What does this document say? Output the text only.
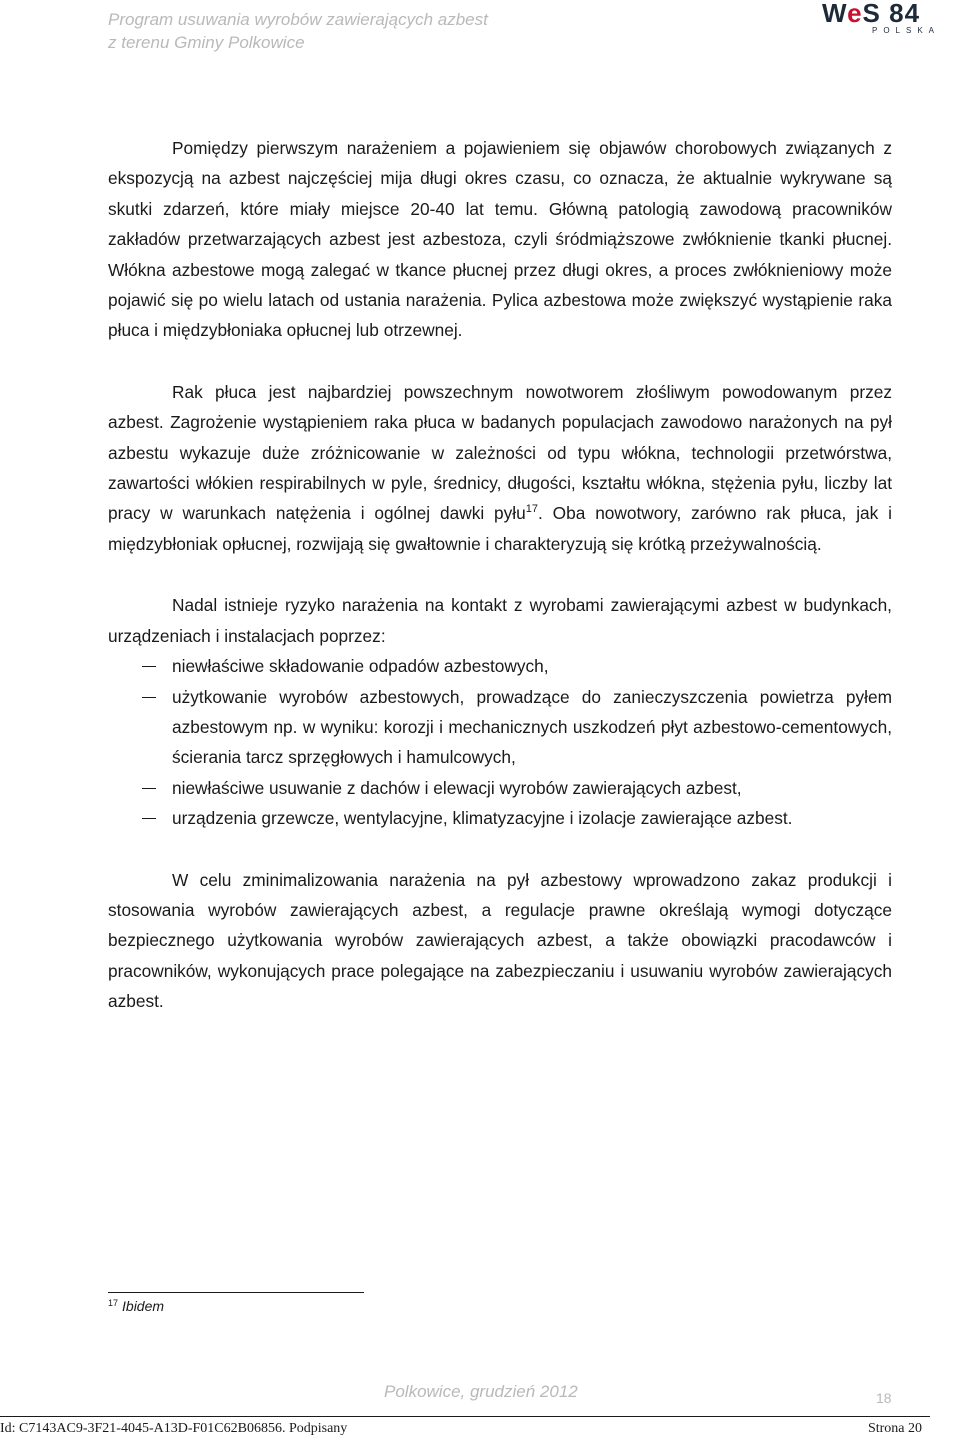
Program usuwania wyrobów zawierających azbest
z terenu Gminy Polkowice
WeS 84
POLSKA

Pomiędzy pierwszym narażeniem a pojawieniem się objawów chorobowych związanych z ekspozycją na azbest najczęściej mija długi okres czasu, co oznacza, że aktualnie wykrywane są skutki zdarzeń, które miały miejsce 20-40 lat temu. Główną patologią zawodową pracowników zakładów przetwarzających azbest jest azbestoza, czyli śródmiąższowe zwłóknienie tkanki płucnej. Włókna azbestowe mogą zalegać w tkance płucnej przez długi okres, a proces zwłóknieniowy może pojawić się po wielu latach od ustania narażenia. Pylica azbestowa może zwiększyć wystąpienie raka płuca i międzybłoniaka opłucnej lub otrzewnej.

Rak płuca jest najbardziej powszechnym nowotworem złośliwym powodowanym przez azbest. Zagrożenie wystąpieniem raka płuca w badanych populacjach zawodowo narażonych na pył azbestu wykazuje duże zróżnicowanie w zależności od typu włókna, technologii przetwórstwa, zawartości włókien respirabilnych w pyle, średnicy, długości, kształtu włókna, stężenia pyłu, liczby lat pracy w warunkach natężenia i ogólnej dawki pyłu$^{17}$. Oba nowotwory, zarówno rak płuca, jak i międzybłoniak opłucnej, rozwijają się gwałtownie i charakteryzują się krótką przeżywalnością.

Nadal istnieje ryzyko narażenia na kontakt z wyrobami zawierającymi azbest w budynkach, urządzeniach i instalacjach poprzez:

niewłaściwe składowanie odpadów azbestowych,
użytkowanie wyrobów azbestowych, prowadzące do zanieczyszczenia powietrza pyłem azbestowym np. w wyniku: korozji i mechanicznych uszkodzeń płyt azbestowo-cementowych, ścierania tarcz sprzęgłowych i hamulcowych,
niewłaściwe usuwanie z dachów i elewacji wyrobów zawierających azbest,
urządzenia grzewcze, wentylacyjne, klimatyzacyjne i izolacje zawierające azbest.

W celu zminimalizowania narażenia na pył azbestowy wprowadzono zakaz produkcji i stosowania wyrobów zawierających azbest, a regulacje prawne określają wymogi dotyczące bezpiecznego użytkowania wyrobów zawierających azbest, a także obowiązki pracodawców i pracowników, wykonujących prace polegające na zabezpieczaniu i usuwaniu wyrobów zawierających azbest.

$^{17}$ Ibidem
Polkowice, grudzień 2012	18
Id: C7143AC9-3F21-4045-A13D-F01C62B06856. Podpisany	Strona 20
